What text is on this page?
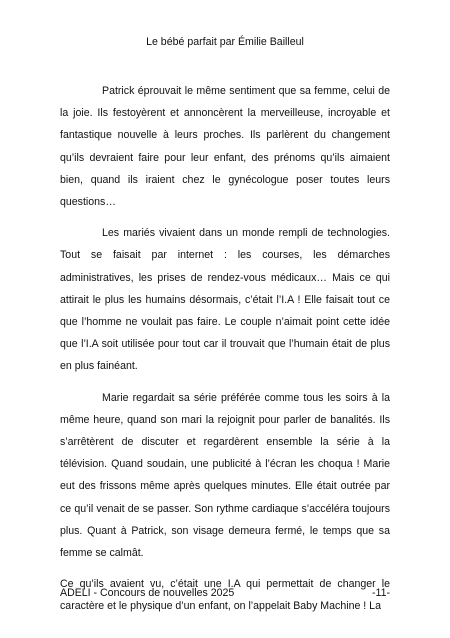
Le bébé parfait par Émilie Bailleul

Patrick éprouvait le même sentiment que sa femme, celui de la joie. Ils festoyèrent et annoncèrent la merveilleuse, incroyable et fantastique nouvelle à leurs proches. Ils parlèrent du changement qu’ils devraient faire pour leur enfant, des prénoms qu’ils aimaient bien, quand ils iraient chez le gynécologue poser toutes leurs questions…

Les mariés vivaient dans un monde rempli de technologies. Tout se faisait par internet : les courses, les démarches administratives, les prises de rendez-vous médicaux… Mais ce qui attirait le plus les humains désormais, c’était l’I.A ! Elle faisait tout ce que l’homme ne voulait pas faire. Le couple n’aimait point cette idée que l’I.A soit utilisée pour tout car il trouvait que l’humain était de plus en plus fainéant.

Marie regardait sa série préférée comme tous les soirs à la même heure, quand son mari la rejoignit pour parler de banalités. Ils s’arrêtèrent de discuter et regardèrent ensemble la série à la télévision. Quand soudain, une publicité à l’écran les choqua ! Marie eut des frissons même après quelques minutes. Elle était outrée par ce qu’il venait de se passer. Son rythme cardiaque s’accéléra toujours plus. Quant à Patrick, son visage demeura fermé, le temps que sa femme se calmât.

Ce qu’ils avaient vu, c’était une I.A qui permettait de changer le caractère et le physique d’un enfant, on l’appelait Baby Machine ! La

ADELI - Concours de nouvelles 2025	-11-
